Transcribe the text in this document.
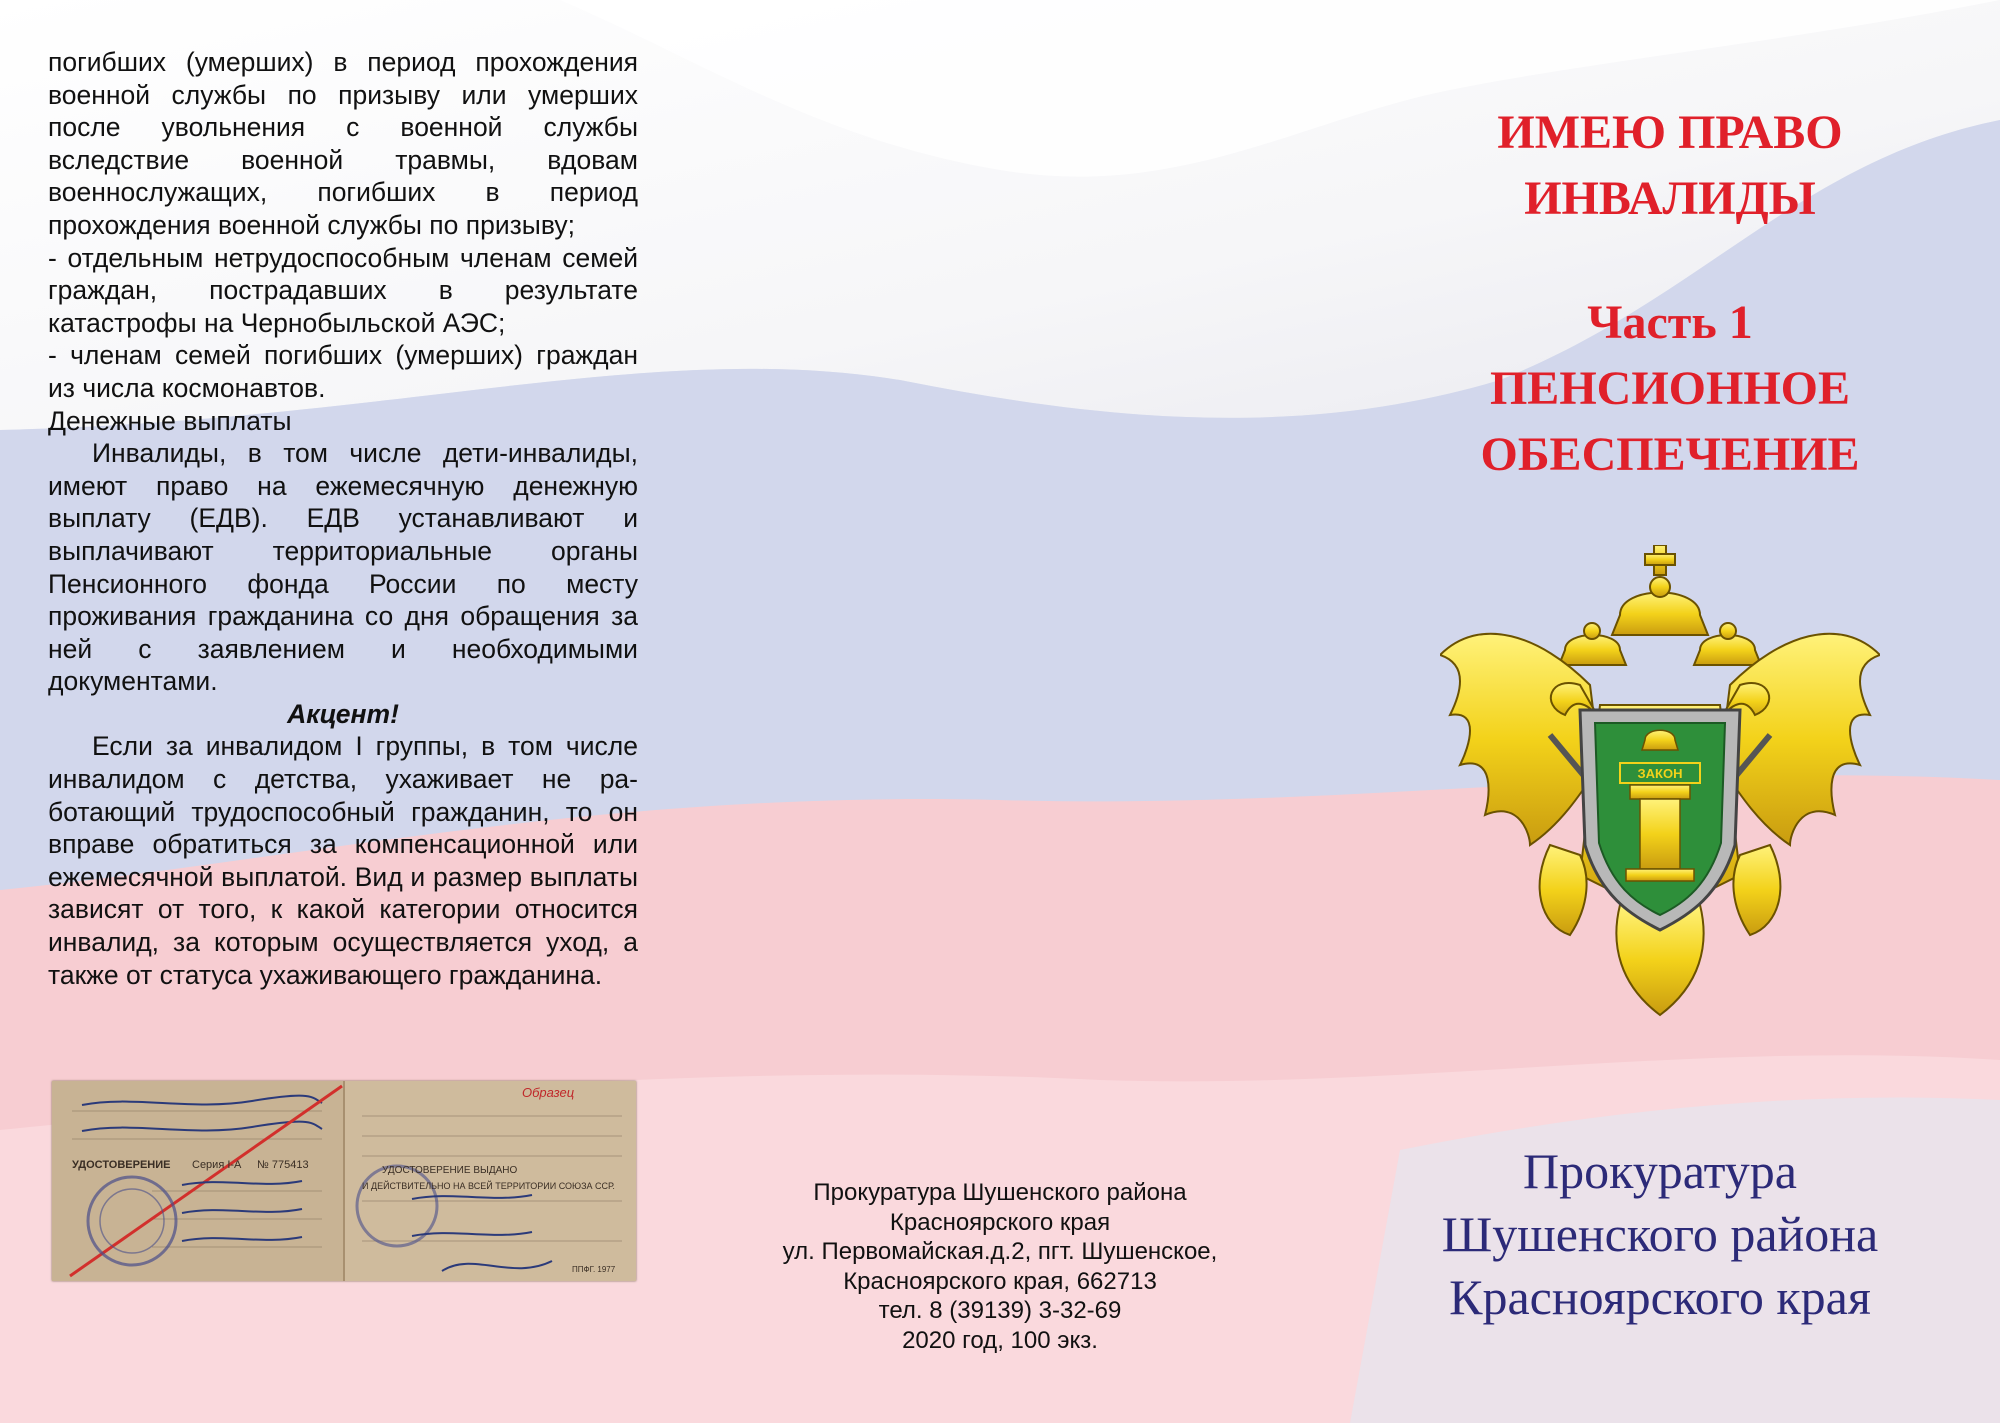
погибших (умерших) в период прохождения военной службы по призыву или умерших после увольнения с военной службы вследствие военной травмы, вдовам военнослужащих, погибших в период прохождения военной службы по призыву;

- отдельным нетрудоспособным членам семей граждан, пострадавших в результате катастрофы на Чернобыльской АЭС;

- членам семей погибших (умерших) граждан из числа космонавтов.

Денежные выплаты

Инвалиды, в том числе дети-инвалиды, имеют право на ежемесячную денежную выплату (ЕДВ). ЕДВ устанавливают и выплачивают территориальные органы Пенсионного фонда России по месту проживания гражданина со дня обращения за ней с заявлением и необходимыми документами.

Акцент!

Если за инвалидом I группы, в том числе инвалидом с детства, ухаживает не работающий трудоспособный гражданин, то он вправе обратиться за компенсационной или ежемесячной выплатой. Вид и размер выплаты зависят от того, к какой категории относится инвалид, за которым осуществляется уход, а также от статуса ухаживающего гражданина.

УДОСТОВЕРЕНИЕ Серия I-А № 775413	УДОСТОВЕРЕНИЕ ВЫДАНО
И ДЕЙСТВИТЕЛЬНО НА ВСЕЙ ТЕРРИТОРИИ СОЮЗА ССР.
Образец
ППФГ. 1977
Прокуратура Шушенского района
Красноярского края
ул. Первомайская.д.2, пгт. Шушенское,
Красноярского края, 662713
тел. 8 (39139) 3-32-69
2020 год, 100 экз.
ИМЕЮ ПРАВО
ИНВАЛИДЫ
Часть 1
ПЕНСИОННОЕ
ОБЕСПЕЧЕНИЕ
ЗАКОН
Прокуратура
Шушенского района
Красноярского края
